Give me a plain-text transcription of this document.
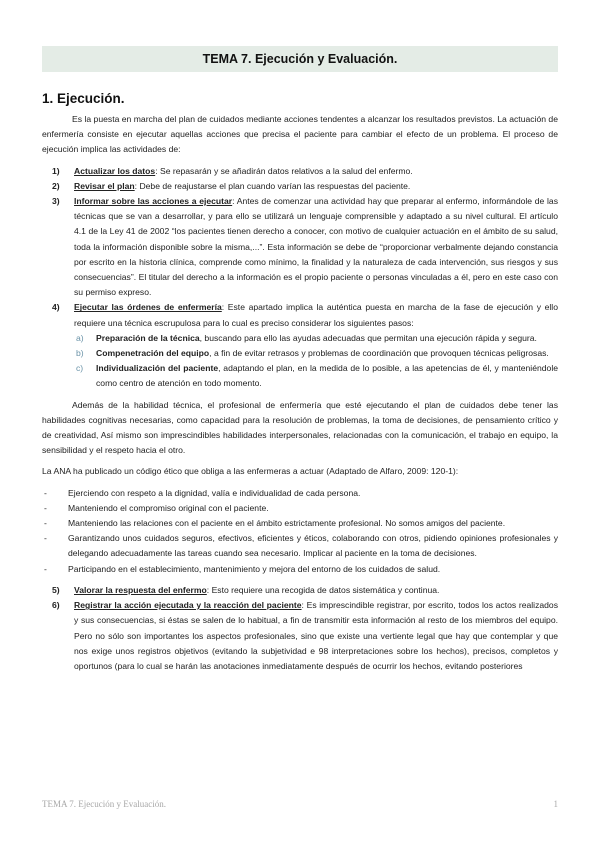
TEMA 7. Ejecución y Evaluación.
1. Ejecución.

Es la puesta en marcha del plan de cuidados mediante acciones tendentes a alcanzar los resultados previstos. La actuación de enfermería consiste en ejecutar aquellas acciones que precisa el paciente para cambiar el efecto de un problema. El proceso de ejecución implica las actividades de:

1)	Actualizar los datos: Se repasarán y se añadirán datos relativos a la salud del enfermo.
2)	Revisar el plan: Debe de reajustarse el plan cuando varían las respuestas del paciente.
3)	Informar sobre las acciones a ejecutar: Antes de comenzar una actividad hay que preparar al enfermo, informándole de las técnicas que se van a desarrollar, y para ello se utilizará un lenguaje comprensible y adaptado a su nivel cultural. El artículo 4.1 de la Ley 41 de 2002 “los pacientes tienen derecho a conocer, con motivo de cualquier actuación en el ámbito de su salud, toda la información disponible sobre la misma,...”. Esta información se debe de “proporcionar verbalmente dejando constancia por escrito en la historia clínica, comprende como mínimo, la finalidad y la naturaleza de cada intervención, sus riesgos y sus consecuencias”. El titular del derecho a la información es el propio paciente o personas vinculadas a él, pero en este caso con su permiso expreso.
4)	Ejecutar las órdenes de enfermería: Este apartado implica la auténtica puesta en marcha de la fase de ejecución y ello requiere una técnica escrupulosa para lo cual es preciso considerar los siguientes pasos:
a)	Preparación de la técnica, buscando para ello las ayudas adecuadas que permitan una ejecución rápida y segura.
b)	Compenetración del equipo, a fin de evitar retrasos y problemas de coordinación que provoquen técnicas peligrosas.
c)	Individualización del paciente, adaptando el plan, en la medida de lo posible, a las apetencias de él, y manteniéndole como centro de atención en todo momento.

Además de la habilidad técnica, el profesional de enfermería que esté ejecutando el plan de cuidados debe tener las habilidades cognitivas necesarias, como capacidad para la resolución de problemas, la toma de decisiones, de pensamiento crítico y de creatividad, Así mismo son imprescindibles habilidades interpersonales, relacionadas con la comunicación, el trabajo en equipo, la sensibilidad y el respeto hacia el otro.

La ANA ha publicado un código ético que obliga a las enfermeras a actuar (Adaptado de Alfaro, 2009: 120-1):

-	Ejerciendo con respeto a la dignidad, valía e individualidad de cada persona.
-	Manteniendo el compromiso original con el paciente.
-	Manteniendo las relaciones con el paciente en el ámbito estrictamente profesional. No somos amigos del paciente.
-	Garantizando unos cuidados seguros, efectivos, eficientes y éticos, colaborando con otros, pidiendo opiniones profesionales y delegando adecuadamente las tareas cuando sea necesario. Implicar al paciente en la toma de decisiones.
-	Participando en el establecimiento, mantenimiento y mejora del entorno de los cuidados de salud.
5)	Valorar la respuesta del enfermo: Esto requiere una recogida de datos sistemática y continua.
6)	Registrar la acción ejecutada y la reacción del paciente: Es imprescindible registrar, por escrito, todos los actos realizados y sus consecuencias, si éstas se salen de lo habitual, a fin de transmitir esta información al resto de los miembros del equipo. Pero no sólo son importantes los aspectos profesionales, sino que existe una vertiente legal que hay que contemplar y que nos exige unos registros objetivos (evitando la subjetividad e 98 interpretaciones sobre los hechos), precisos, completos y oportunos (para lo cual se harán las anotaciones inmediatamente después de ocurrir los hechos, evitando posteriores
TEMA 7. Ejecución y Evaluación.	1
